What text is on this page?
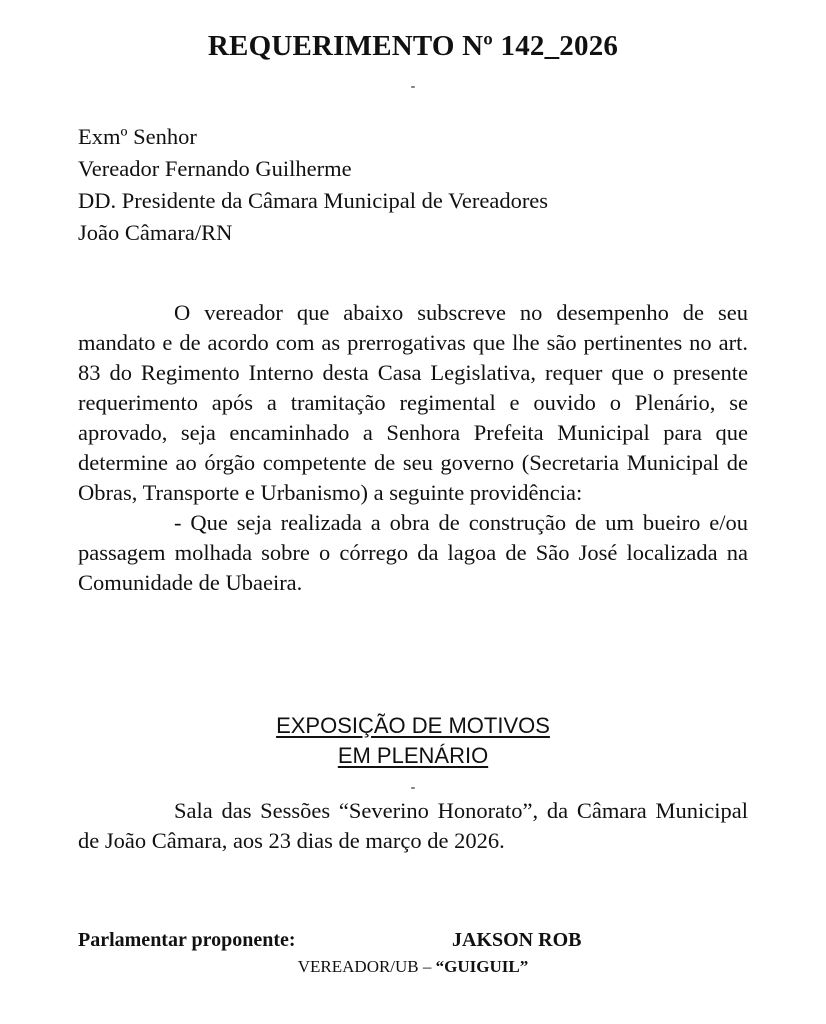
REQUERIMENTO Nº 142_2026
-
Exmº Senhor
Vereador Fernando Guilherme
DD. Presidente da Câmara Municipal de Vereadores
João Câmara/RN

O vereador que abaixo subscreve no desempenho de seu mandato e de acordo com as prerrogativas que lhe são pertinentes no art. 83 do Regimento Interno desta Casa Legislativa, requer que o presente requerimento após a tramitação regimental e ouvido o Plenário, se aprovado, seja encaminhado a Senhora Prefeita Municipal para que determine ao órgão competente de seu governo (Secretaria Municipal de Obras, Transporte e Urbanismo) a seguinte providência:

- Que seja realizada a obra de construção de um bueiro e/ou passagem molhada sobre o córrego da lagoa de São José localizada na Comunidade de Ubaeira.

EXPOSIÇÃO DE MOTIVOS
EM PLENÁRIO
-

Sala das Sessões “Severino Honorato”, da Câmara Municipal de João Câmara, aos 23 dias de março de 2026.

Parlamentar proponente:	JAKSON ROB
VEREADOR/UB – “GUIGUIL”
